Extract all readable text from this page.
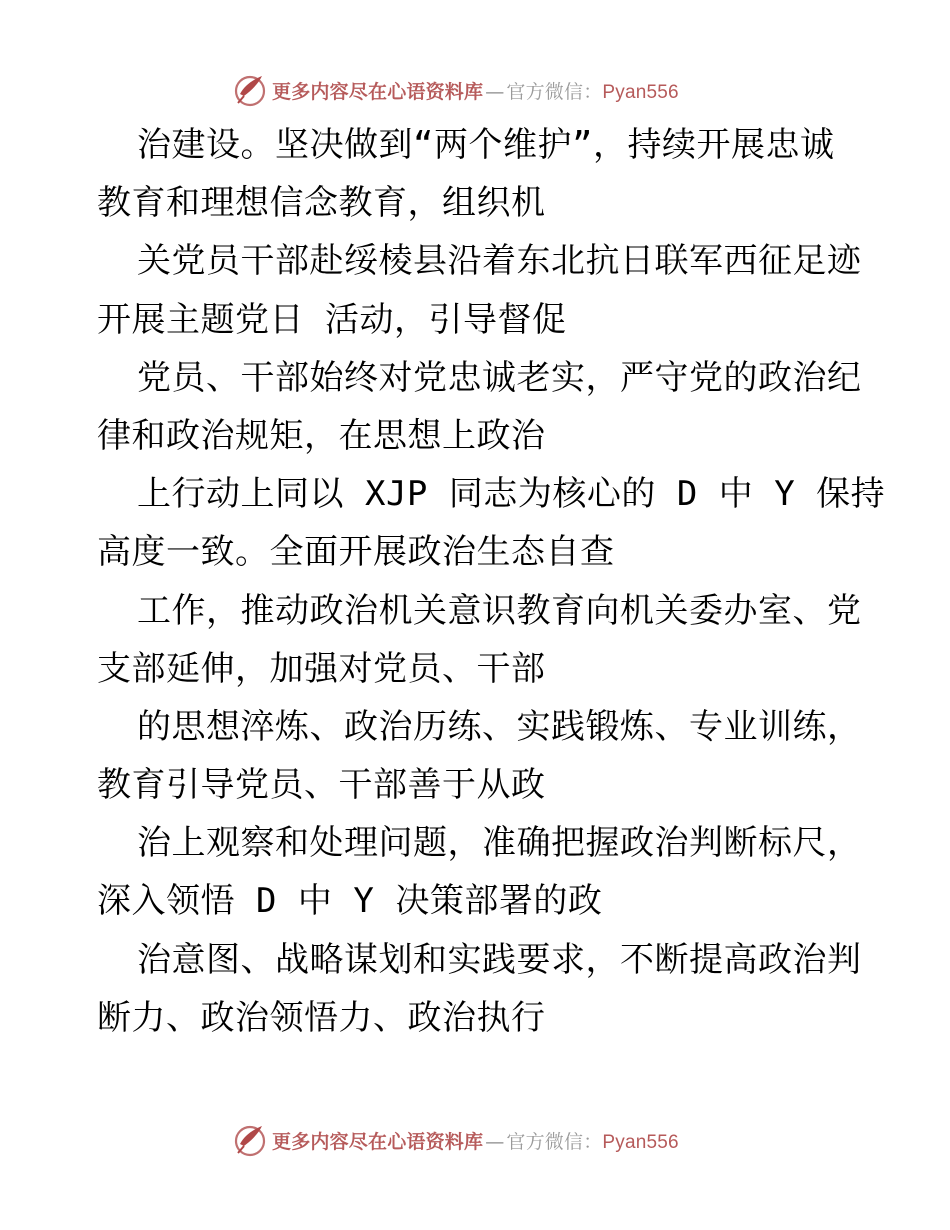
更多内容尽在心语资料库 — 官方微信：Pyan556
治建设。坚决做到“两个维护”，持续开展忠诚
教育和理想信念教育，组织机
关党员干部赴绥棱县沿着东北抗日联军西征足迹
开展主题党日 活动，引导督促
党员、干部始终对党忠诚老实，严守党的政治纪
律和政治规矩，在思想上政治
上行动上同以 XJP 同志为核心的 D 中 Y 保持
高度一致。全面开展政治生态自查
工作，推动政治机关意识教育向机关委办室、党
支部延伸，加强对党员、干部
的思想淬炼、政治历练、实践锻炼、专业训练，
教育引导党员、干部善于从政
治上观察和处理问题，准确把握政治判断标尺，
深入领悟 D 中 Y 决策部署的政
治意图、战略谋划和实践要求，不断提高政治判
断力、政治领悟力、政治执行
更多内容尽在心语资料库 — 官方微信：Pyan556
